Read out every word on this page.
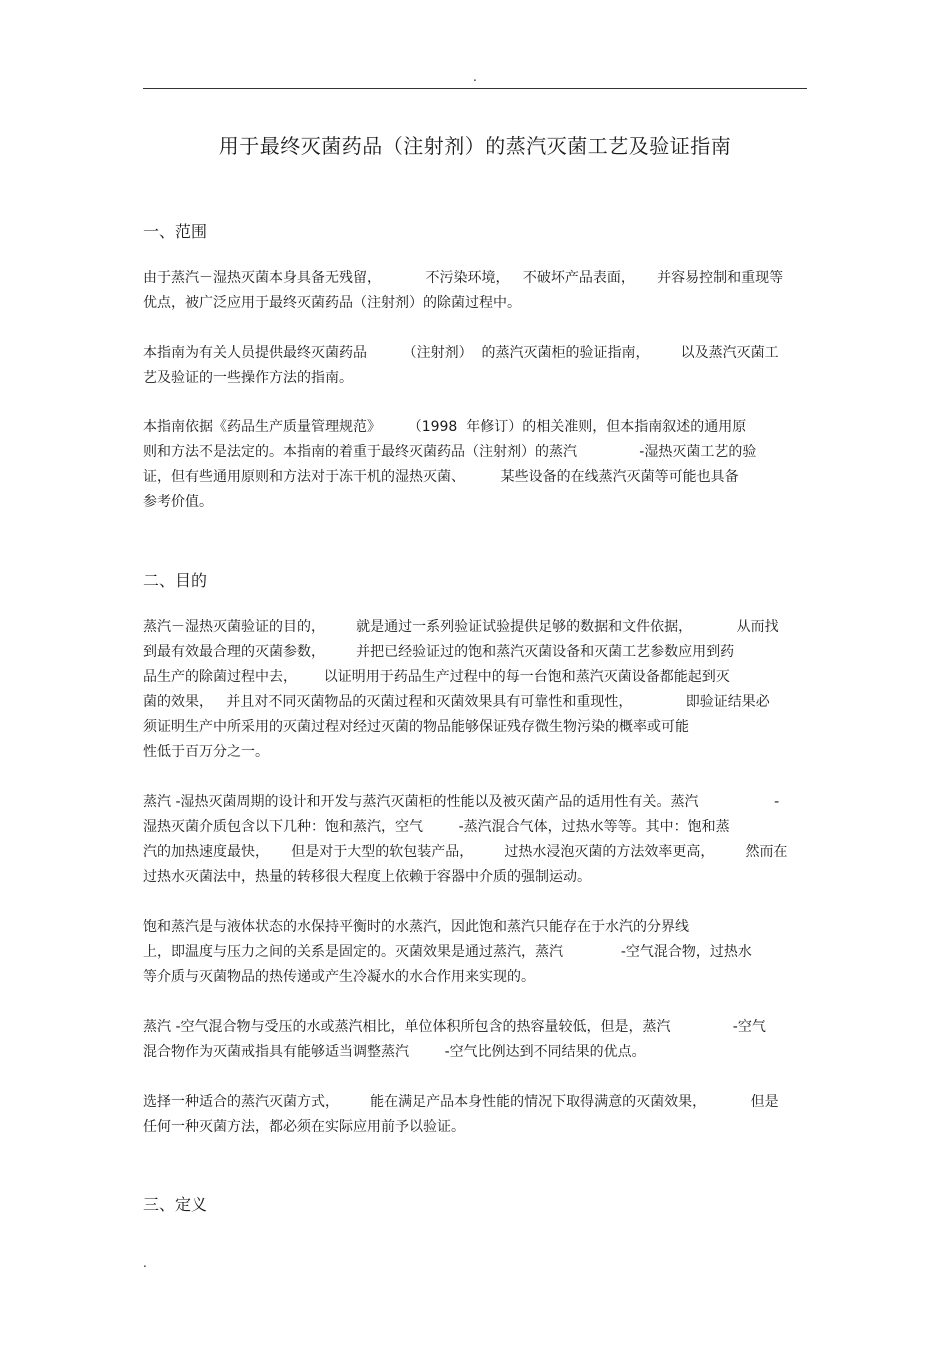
.
用于最终灭菌药品（注射剂）的蒸汽灭菌工艺及验证指南
一、范围
由于蒸汽－湿热灭菌本身具备无残留，          不污染环境，   不破坏产品表面，     并容易控制和重现等
优点，被广泛应用于最终灭菌药品（注射剂）的除菌过程中。
本指南为有关人员提供最终灭菌药品        （注射剂）  的蒸汽灭菌柜的验证指南，       以及蒸汽灭菌工
艺及验证的一些操作方法的指南。
本指南依据《药品生产质量管理规范》      （1998  年修订）的相关准则，但本指南叙述的通用原
则和方法不是法定的。本指南的着重于最终灭菌药品（注射剂）的蒸汽              -湿热灭菌工艺的验
证，但有些通用原则和方法对于冻干机的湿热灭菌、        某些设备的在线蒸汽灭菌等可能也具备
参考价值。
二、目的
蒸汽－湿热灭菌验证的目的，       就是通过一系列验证试验提供足够的数据和文件依据，          从而找
到最有效最合理的灭菌参数，       并把已经验证过的饱和蒸汽灭菌设备和灭菌工艺参数应用到药
品生产的除菌过程中去，      以证明用于药品生产过程中的每一台饱和蒸汽灭菌设备都能起到灭
菌的效果，   并且对不同灭菌物品的灭菌过程和灭菌效果具有可靠性和重现性，            即验证结果必
须证明生产中所采用的灭菌过程对经过灭菌的物品能够保证残存微生物污染的概率或可能
性低于百万分之一。
蒸汽 -湿热灭菌周期的设计和开发与蒸汽灭菌柜的性能以及被灭菌产品的适用性有关。蒸汽                 -
湿热灭菌介质包含以下几种：饱和蒸汽，空气        -蒸汽混合气体，过热水等等。其中：饱和蒸
汽的加热速度最快，     但是对于大型的软包装产品，       过热水浸泡灭菌的方法效率更高，       然而在
过热水灭菌法中，热量的转移很大程度上依赖于容器中介质的强制运动。
饱和蒸汽是与液体状态的水保持平衡时的水蒸汽，因此饱和蒸汽只能存在于水汽的分界线
上，即温度与压力之间的关系是固定的。灭菌效果是通过蒸汽，蒸汽             -空气混合物，过热水
等介质与灭菌物品的热传递或产生冷凝水的水合作用来实现的。
蒸汽 -空气混合物与受压的水或蒸汽相比，单位体积所包含的热容量较低，但是，蒸汽              -空气
混合物作为灭菌戒指具有能够适当调整蒸汽        -空气比例达到不同结果的优点。
选择一种适合的蒸汽灭菌方式，       能在满足产品本身性能的情况下取得满意的灭菌效果，          但是
任何一种灭菌方法，都必须在实际应用前予以验证。
三、定义
.
